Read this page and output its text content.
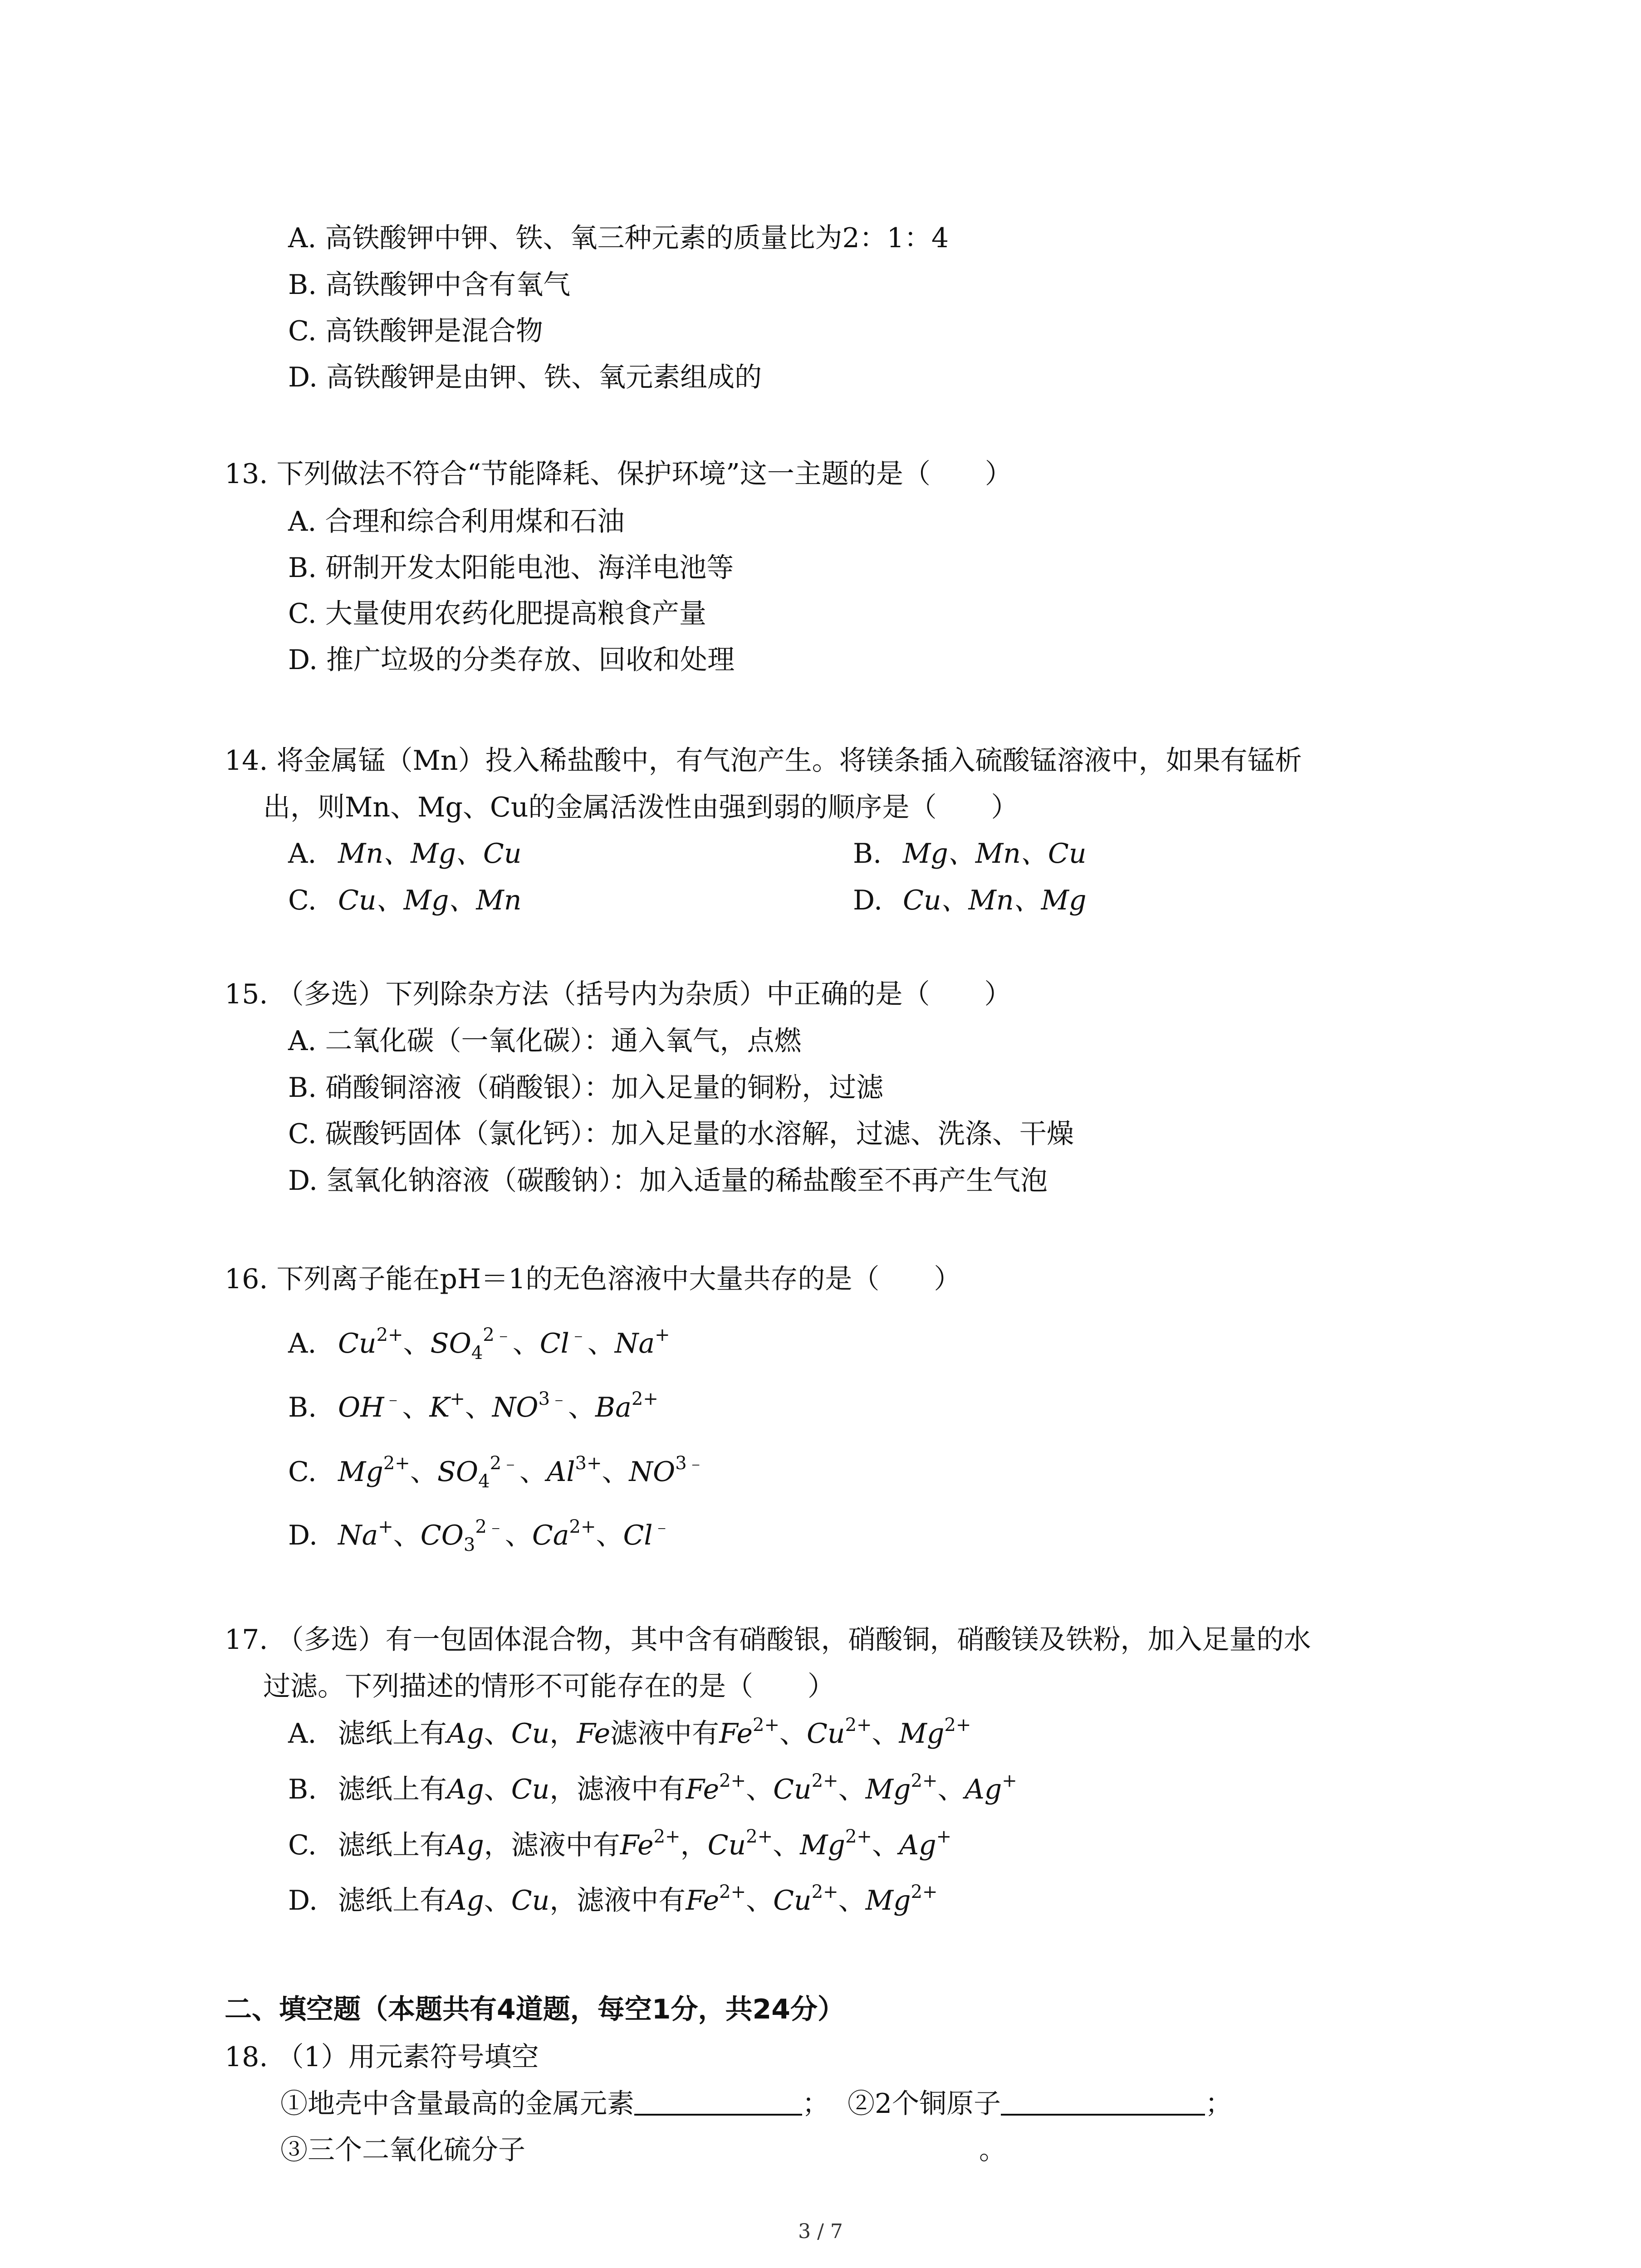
A. 高铁酸钾中钾、铁、氧三种元素的质量比为2：1：4
B. 高铁酸钾中含有氧气
C. 高铁酸钾是混合物
D. 高铁酸钾是由钾、铁、氧元素组成的
13. 下列做法不符合“节能降耗、保护环境”这一主题的是（　　）
A. 合理和综合利用煤和石油
B. 研制开发太阳能电池、海洋电池等
C. 大量使用农药化肥提高粮食产量
D. 推广垃圾的分类存放、回收和处理
14. 将金属锰（Mn）投入稀盐酸中，有气泡产生。将镁条插入硫酸锰溶液中，如果有锰析
出，则Mn、Mg、Cu的金属活泼性由强到弱的顺序是（　　）
A. Mn、Mg、Cu	B. Mg、Mn、Cu
C. Cu、Mg、Mn	D. Cu、Mn、Mg
15. （多选）下列除杂方法（括号内为杂质）中正确的是（　　）
A. 二氧化碳（一氧化碳）：通入氧气，点燃
B. 硝酸铜溶液（硝酸银）：加入足量的铜粉，过滤
C. 碳酸钙固体（氯化钙）：加入足量的水溶解，过滤、洗涤、干燥
D. 氢氧化钠溶液（碳酸钠）：加入适量的稀盐酸至不再产生气泡
16. 下列离子能在pH＝1的无色溶液中大量共存的是（　　）
A. $Cu^{2+}$、$SO_4^{2﹣}$、Cl﹣、Na+
B. OH﹣、K+、$NO^{3﹣}$、$Ba^{2+}$
C. $Mg^{2+}$、$SO_4^{2﹣}$、$Al^{3+}$、$NO^{3﹣}$
D. Na+、$CO_3^{2﹣}$、$Ca^{2+}$、Cl﹣
17. （多选）有一包固体混合物，其中含有硝酸银，硝酸铜，硝酸镁及铁粉，加入足量的水
过滤。下列描述的情形不可能存在的是（　　）
A. 滤纸上有Ag、Cu，Fe滤液中有$Fe^{2+}$、$Cu^{2+}$、$Mg^{2+}$
B. 滤纸上有Ag、Cu，滤液中有$Fe^{2+}$、$Cu^{2+}$、$Mg^{2+}$、Ag+
C. 滤纸上有Ag，滤液中有$Fe^{2+}$，$Cu^{2+}$、$Mg^{2+}$、Ag+
D. 滤纸上有Ag、Cu，滤液中有$Fe^{2+}$、$Cu^{2+}$、$Mg^{2+}$
二、填空题（本题共有4道题，每空1分，共24分）
18. （1）用元素符号填空
①地壳中含量最高的金属元素	； ②2个铜原子	；
③三个二氧化硫分子	。
3 / 7
